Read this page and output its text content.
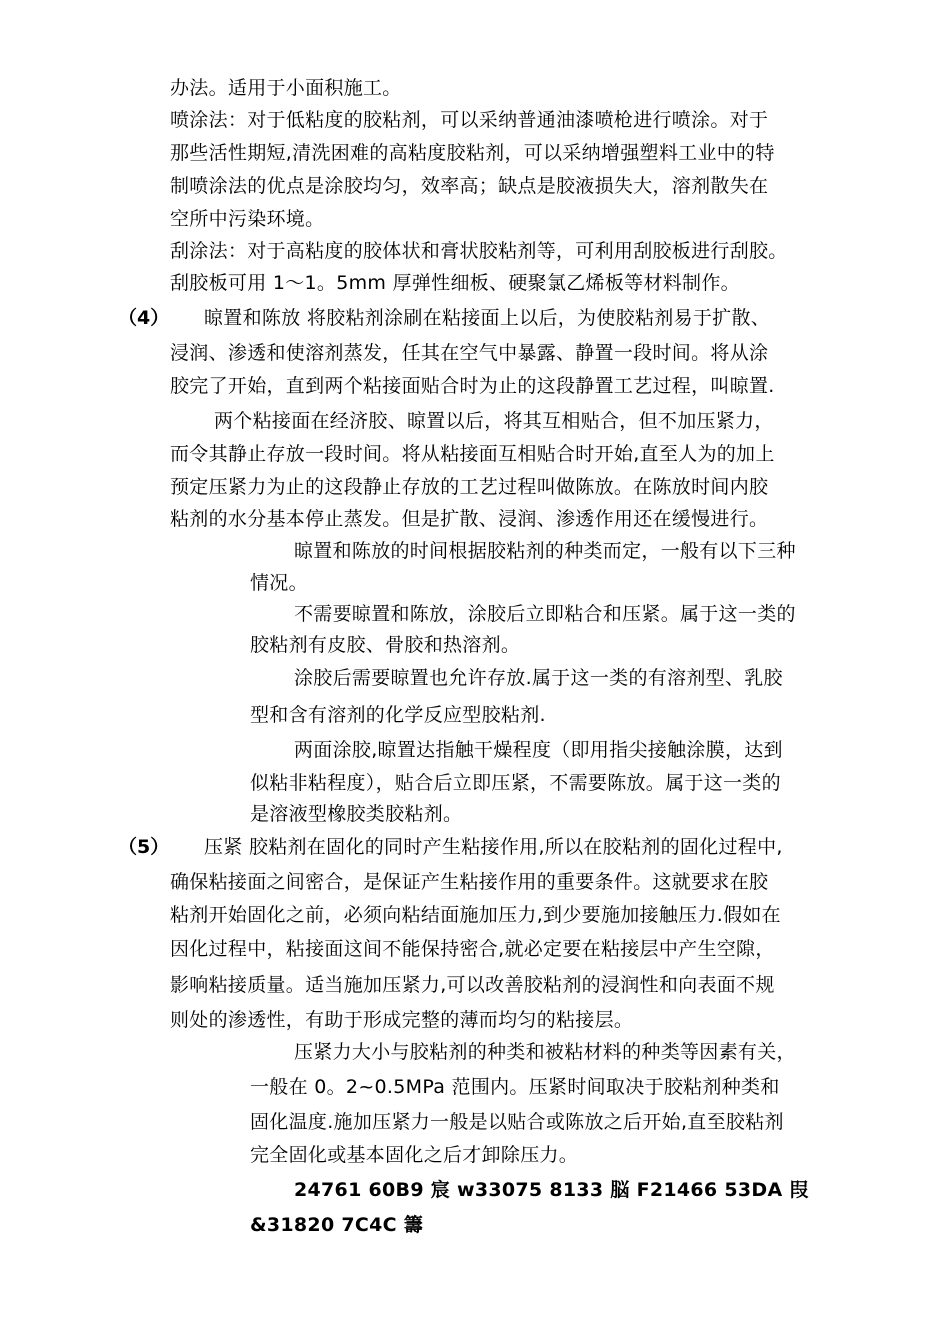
办法。适用于小面积施工。
喷涂法：对于低粘度的胶粘剂，可以采纳普通油漆喷枪进行喷涂。对于
那些活性期短,清洗困难的高粘度胶粘剂，可以采纳增强塑料工业中的特
制喷涂法的优点是涂胶均匀，效率高；缺点是胶液损失大，溶剂散失在
空所中污染环境。
刮涂法：对于高粘度的胶体状和膏状胶粘剂等，可利用刮胶板进行刮胶。
刮胶板可用 1～1。5mm 厚弹性细板、硬聚氯乙烯板等材料制作。
（4） 晾置和陈放 将胶粘剂涂刷在粘接面上以后，为使胶粘剂易于扩散、
浸润、渗透和使溶剂蒸发，任其在空气中暴露、静置一段时间。将从涂
胶完了开始，直到两个粘接面贴合时为止的这段静置工艺过程，叫晾置.
两个粘接面在经济胶、晾置以后，将其互相贴合，但不加压紧力，
而令其静止存放一段时间。将从粘接面互相贴合时开始,直至人为的加上
预定压紧力为止的这段静止存放的工艺过程叫做陈放。在陈放时间内胶
粘剂的水分基本停止蒸发。但是扩散、浸润、渗透作用还在缓慢进行。
晾置和陈放的时间根据胶粘剂的种类而定，一般有以下三种
情况。
不需要晾置和陈放，涂胶后立即粘合和压紧。属于这一类的
胶粘剂有皮胶、骨胶和热溶剂。
涂胶后需要晾置也允许存放.属于这一类的有溶剂型、乳胶
型和含有溶剂的化学反应型胶粘剂.
两面涂胶,晾置达指触干燥程度（即用指尖接触涂膜，达到
似粘非粘程度），贴合后立即压紧，不需要陈放。属于这一类的
是溶液型橡胶类胶粘剂。
（5） 压紧 胶粘剂在固化的同时产生粘接作用,所以在胶粘剂的固化过程中,
确保粘接面之间密合，是保证产生粘接作用的重要条件。这就要求在胶
粘剂开始固化之前，必须向粘结面施加压力,到少要施加接触压力.假如在
因化过程中，粘接面这间不能保持密合,就必定要在粘接层中产生空隙，
影响粘接质量。适当施加压紧力,可以改善胶粘剂的浸润性和向表面不规
则处的渗透性，有助于形成完整的薄而均匀的粘接层。
压紧力大小与胶粘剂的种类和被粘材料的种类等因素有关，
一般在 0。2~0.5MPa 范围内。压紧时间取决于胶粘剂种类和
固化温度.施加压紧力一般是以贴合或陈放之后开始,直至胶粘剂
完全固化或基本固化之后才卸除压力。
24761 60B9 宸 w33075 8133 脳 F21466 53DA 叚
&31820 7C4C 籌
